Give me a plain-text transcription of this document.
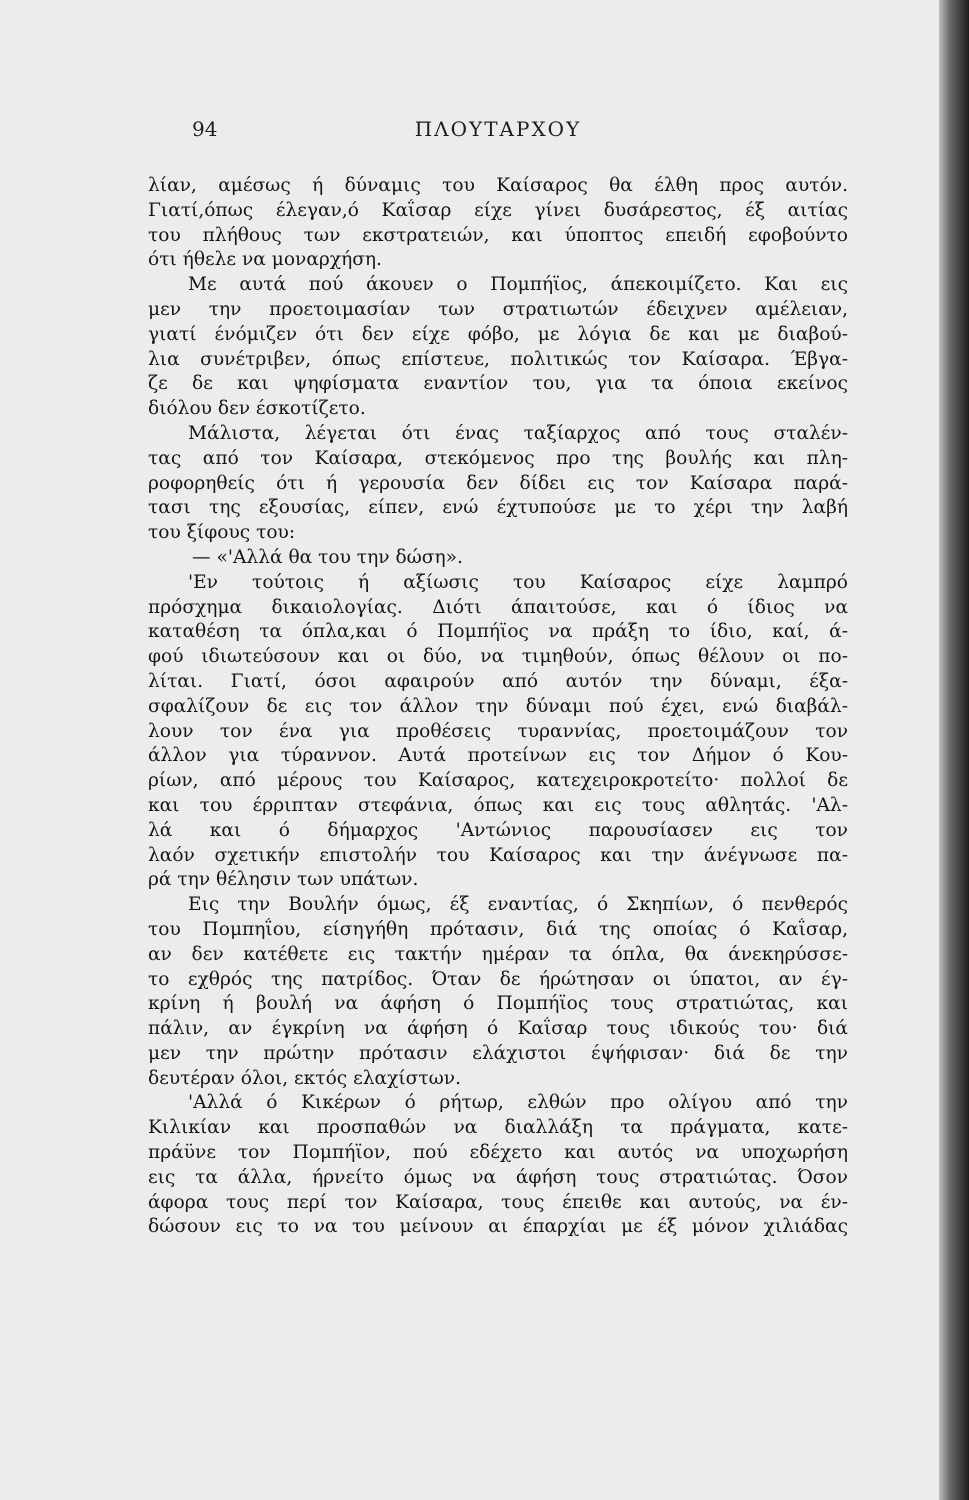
94	ΠΛΟΥΤΑΡΧΟΥ
λίαν, αμέσως ή δύναμις του Καίσαρος θα έλθη προς αυτόν.
Γιατί,όπως έλεγαν,ό Καΐσαρ είχε γίνει δυσάρεστος, έξ αιτίας
του πλήθους των εκστρατειών, και ύποπτος επειδή εφοβούντο
ότι ήθελε να μοναρχήση.
Με αυτά πού άκουεν ο Πομπήϊος, άπεκοιμίζετο. Και εις
μεν την προετοιμασίαν των στρατιωτών έδειχνεν αμέλειαν,
γιατί ένόμιζεν ότι δεν είχε φόβο, με λόγια δε και με διαβού-
λια συνέτριβεν, όπως επίστευε, πολιτικώς τον Καίσαρα. Έβγα-
ζε δε και ψηφίσματα εναντίον του, για τα όποια εκείνος
διόλου δεν έσκοτίζετο.
Μάλιστα, λέγεται ότι ένας ταξίαρχος από τους σταλέν-
τας από τον Καίσαρα, στεκόμενος προ της βουλής και πλη-
ροφορηθείς ότι ή γερουσία δεν δίδει εις τον Καίσαρα παρά-
τασι της εξουσίας, είπεν, ενώ έχτυπούσε με το χέρι την λαβή
του ξίφους του:
— «'Αλλά θα του την δώση».
'Εν τούτοις ή αξίωσις του Καίσαρος είχε λαμπρό
πρόσχημα δικαιολογίας. Διότι άπαιτούσε, και ό ίδιος να
καταθέση τα όπλα,και ό Πομπήϊος να πράξη το ίδιο, καί, ά-
φού ιδιωτεύσουν και οι δύο, να τιμηθούν, όπως θέλουν οι πο-
λίται. Γιατί, όσοι αφαιρούν από αυτόν την δύναμι, έξα-
σφαλίζουν δε εις τον άλλον την δύναμι πού έχει, ενώ διαβάλ-
λουν τον ένα για προθέσεις τυραννίας, προετοιμάζουν τον
άλλον για τύραννον. Αυτά προτείνων εις τον Δήμον ό Κου-
ρίων, από μέρους του Καίσαρος, κατεχειροκροτείτο· πολλοί δε
και του έρριπταν στεφάνια, όπως και εις τους αθλητάς. 'Αλ-
λά και ό δήμαρχος 'Αντώνιος παρουσίασεν εις τον
λαόν σχετικήν επιστολήν του Καίσαρος και την άνέγνωσε πα-
ρά την θέλησιν των υπάτων.
Εις την Βουλήν όμως, έξ εναντίας, ό Σκηπίων, ό πενθερός
του Πομπηΐου, είσηγήθη πρότασιν, διά της οποίας ό Καΐσαρ,
αν δεν κατέθετε εις τακτήν ημέραν τα όπλα, θα άνεκηρύσσε-
το εχθρός της πατρίδος. Όταν δε ήρώτησαν οι ύπατοι, αν έγ-
κρίνη ή βουλή να άφήση ό Πομπήϊος τους στρατιώτας, και
πάλιν, αν έγκρίνη να άφήση ό Καΐσαρ τους ιδικούς του· διά
μεν την πρώτην πρότασιν ελάχιστοι έψήφισαν· διά δε την
δευτέραν όλοι, εκτός ελαχίστων.
'Αλλά ό Κικέρων ό ρήτωρ, ελθών προ ολίγου από την
Κιλικίαν και προσπαθών να διαλλάξη τα πράγματα, κατε-
πράϋνε τον Πομπήϊον, πού εδέχετο και αυτός να υποχωρήση
εις τα άλλα, ήρνείτο όμως να άφήση τους στρατιώτας. Όσον
άφορα τους περί τον Καίσαρα, τους έπειθε και αυτούς, να έν-
δώσουν εις το να του μείνουν αι έπαρχίαι με έξ μόνον χιλιάδας
